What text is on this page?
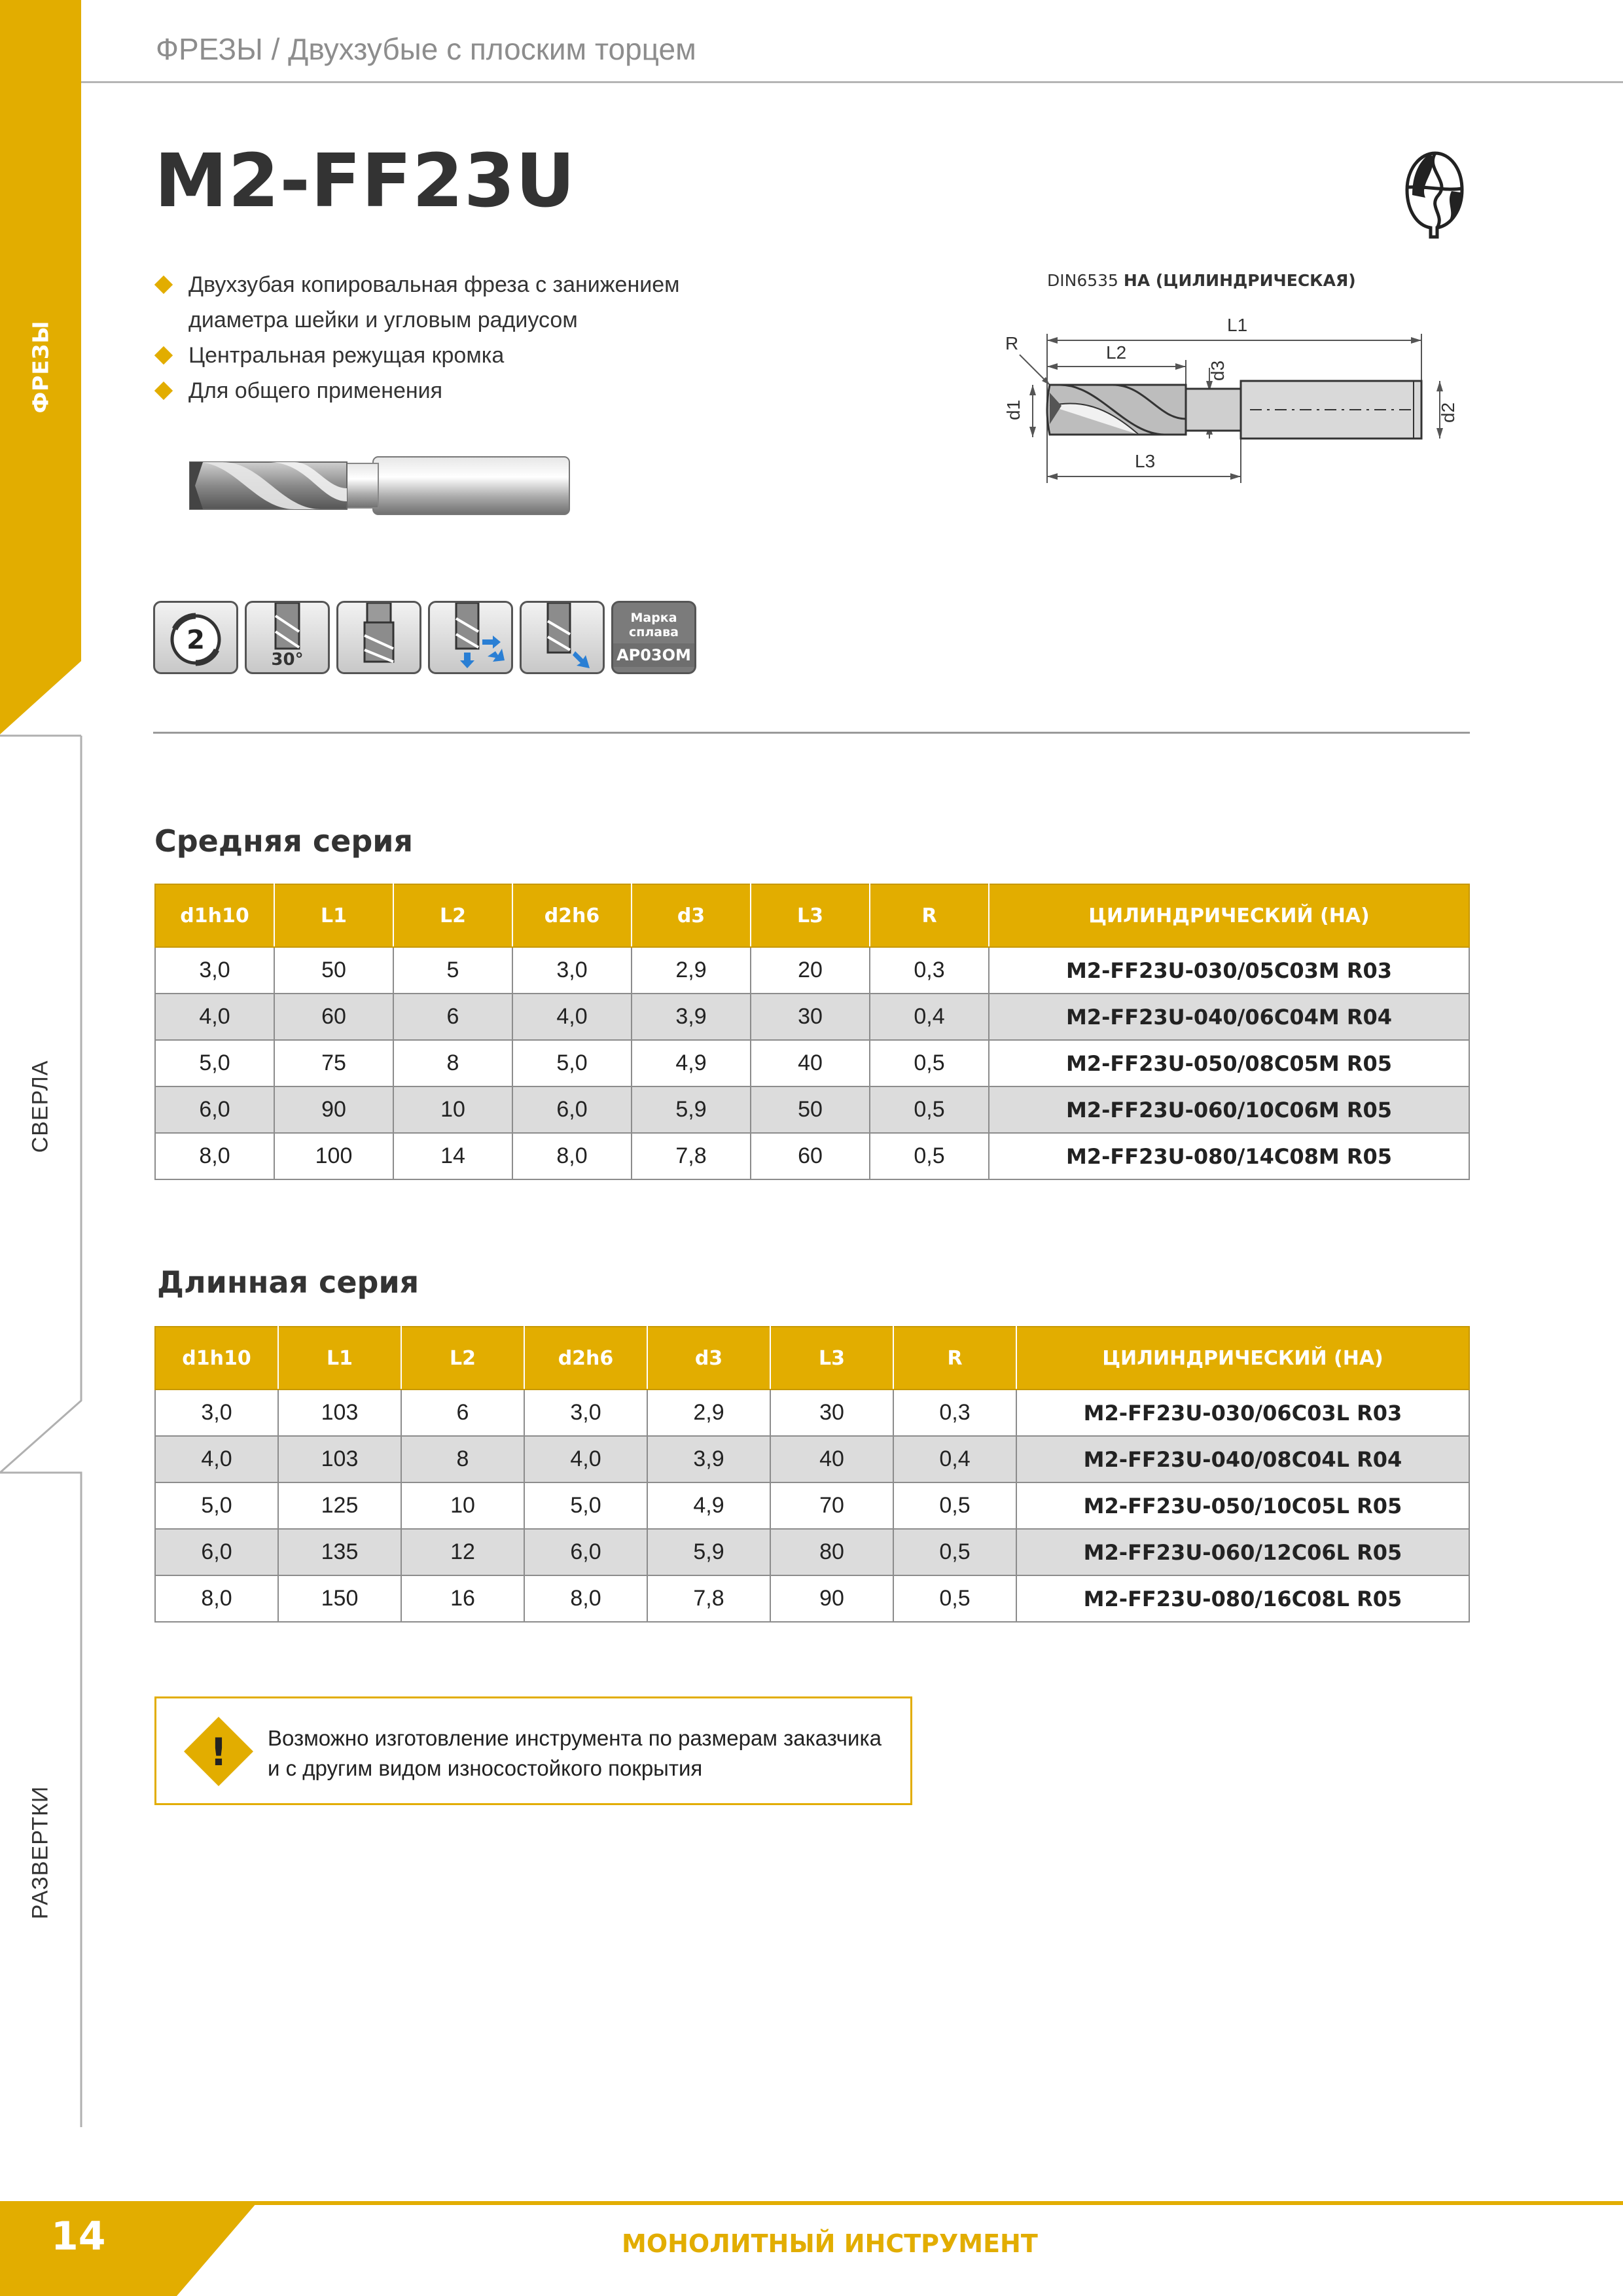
ФРЕЗЫ
СВЕРЛА
РАЗВЕРТКИ
ФРЕЗЫ / Двухзубые с плоским торцем
M2-FF23U
Двухзубая копировальная фреза с занижением
диаметра шейки и угловым радиусом
Центральная режущая кромка
Для общего применения
DIN6535 HA (ЦИЛИНДРИЧЕСКАЯ)
L1
L2
L3
R
d1
d3
d2
2
30°
Марка
сплава
AP03OM
Средняя серия
d1h10	L1	L2	d2h6	d3	L3	R	ЦИЛИНДРИЧЕСКИЙ (HA)
3,0	50	5	3,0	2,9	20	0,3	M2-FF23U-030/05C03M R03
4,0	60	6	4,0	3,9	30	0,4	M2-FF23U-040/06C04M R04
5,0	75	8	5,0	4,9	40	0,5	M2-FF23U-050/08C05M R05
6,0	90	10	6,0	5,9	50	0,5	M2-FF23U-060/10C06M R05
8,0	100	14	8,0	7,8	60	0,5	M2-FF23U-080/14C08M R05
Длинная серия
d1h10	L1	L2	d2h6	d3	L3	R	ЦИЛИНДРИЧЕСКИЙ (HA)
3,0	103	6	3,0	2,9	30	0,3	M2-FF23U-030/06C03L R03
4,0	103	8	4,0	3,9	40	0,4	M2-FF23U-040/08C04L R04
5,0	125	10	5,0	4,9	70	0,5	M2-FF23U-050/10C05L R05
6,0	135	12	6,0	5,9	80	0,5	M2-FF23U-060/12C06L R05
8,0	150	16	8,0	7,8	90	0,5	M2-FF23U-080/16C08L R05
! Возможно изготовление инструмента по размерам заказчика
и с другим видом износостойкого покрытия
14	МОНОЛИТНЫЙ ИНСТРУМЕНТ
